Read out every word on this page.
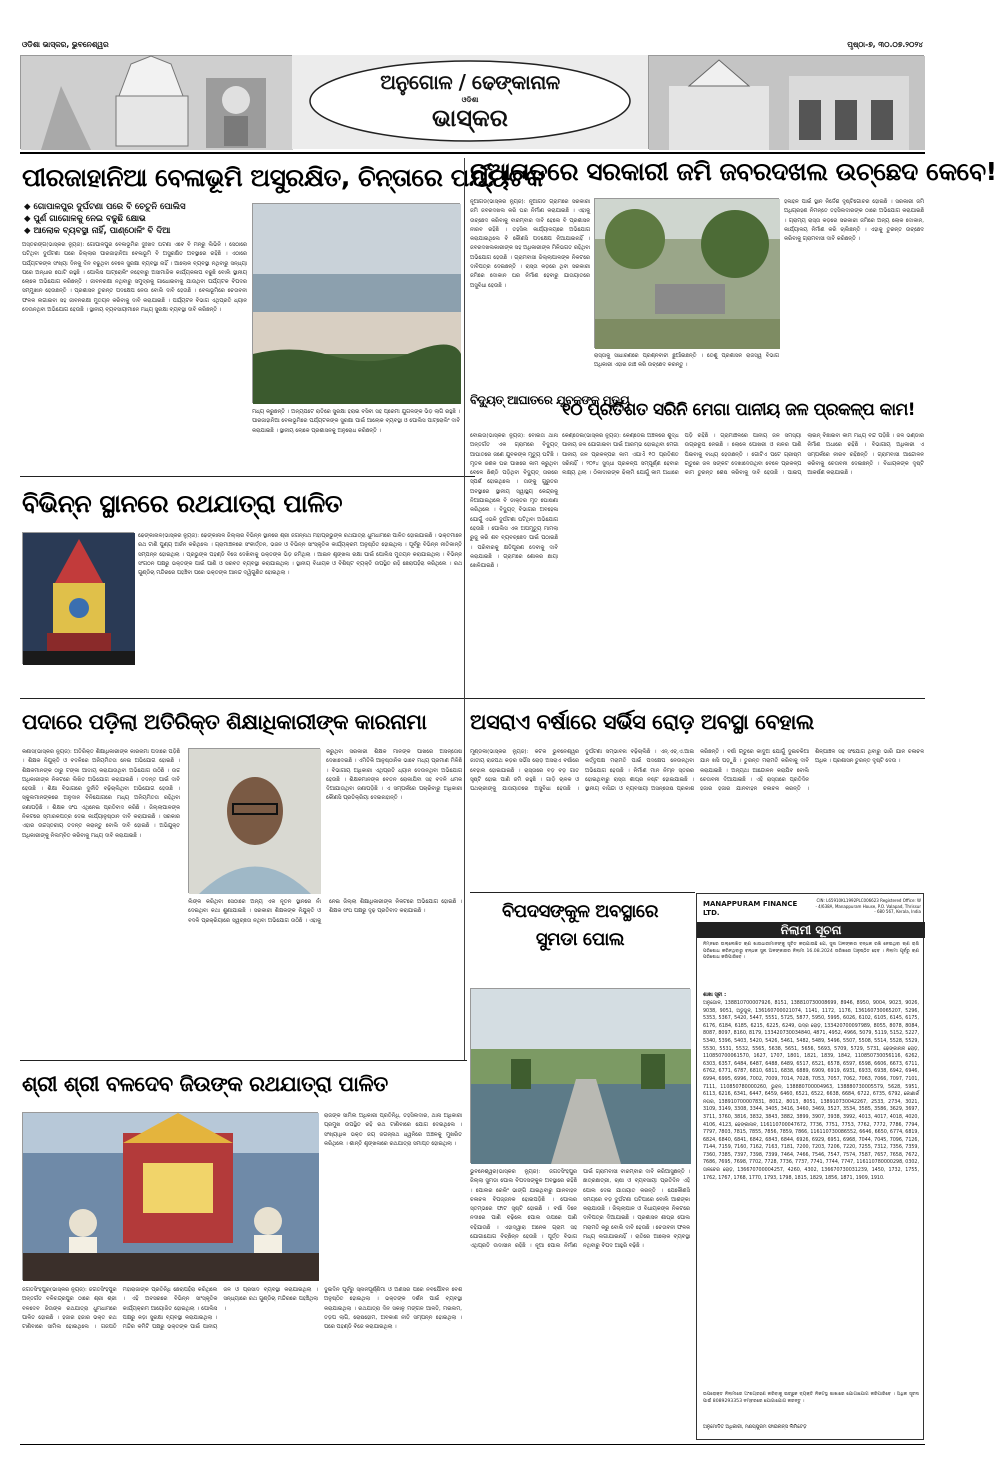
ଓଡିଶା ଭାସ୍କର, ଭୁବନେଶ୍ୱର	ପୃଷ୍ଠା-୭, ୩୦.୦୭.୨୦୨୪
ଅନୁଗୋଳ / ଢେଙ୍କାନାଳ
ଓଡିଶା
ଭାସ୍କର
ପୀରଜାହାନିଆ ବେଳାଭୂମି ଅସୁରକ୍ଷିତ, ଚିନ୍ତାରେ ପର୍ଯ୍ୟଟକ
◆ ଗୋପାଳପୁର ଦୁର୍ଘଟଣା ପରେ ବି ଚେତୁନି ପୋଲିସ
◆ ପୁର୍ଣ ଗାଗୋଳକୁ ନେଇ ବଢୁଛି କ୍ଷୋଭ
◆ ଆଲୋକ ବ୍ୟବସ୍ଥା ନାହିଁ, ପାଣ୍ଠୋଳିଂ ବି ଦିଆ
ଅସ୍ତରଙ୍ଗ(ଭାସ୍କର ନ୍ୟୁଜ): ଗୋପାଳପୁର ବେଳାଭୂମିର ଦୁଃଖଦ ଘଟଣା ଏବେ ବି ମନରୁ ଲିଭିନି । ସେଠାରେ ଘଟିଥିବା ଦୁର୍ଘଟଣା ପରେ ଜିଲ୍ଲାର ପୀରଜାହାନିଆ ବେଳାଭୂମି ବି ଅସୁରକ୍ଷିତ ଅବସ୍ଥାରେ ରହିଛି । ଏଠାରେ ପର୍ଯ୍ୟଟକଙ୍କ ସଂଖ୍ୟା ଦିନକୁ ଦିନ ବଢୁଥିବା ବେଳେ ସୁରକ୍ଷା ବ୍ୟବସ୍ଥା ନାହିଁ । ଆଲୋକ ବ୍ୟବସ୍ଥା ନଥିବାରୁ ସନ୍ଧ୍ୟା ପରେ ଅନ୍ଧାର ଘୋଟି ରହୁଛି । ପୋଲିସ ପାଟ୍ରୋଲିଂ ନହେବାରୁ ଅସାମାଜିକ କାର୍ଯ୍ୟକଳାପ ବଢୁଛି ବୋଲି ସ୍ଥାନୀୟ ଲୋକେ ଅଭିଯୋଗ କରିଛନ୍ତି । ଜୀବନରକ୍ଷୀ ନଥିବାରୁ ସମୁଦ୍ରକୁ ଗାଧୋଇବାକୁ ଯାଉଥିବା ପର୍ଯ୍ୟଟକ ବିପଦର ସମ୍ମୁଖୀନ ହେଉଛନ୍ତି । ପ୍ରଶାସନ ତୁରନ୍ତ ପଦକ୍ଷେପ ନେଉ ବୋଲି ଦାବି ହେଉଛି । ବେଳାଭୂମିରେ ଚେତାବନୀ ଫଳକ ଲଗାଇବା ସହ ଜୀବନରକ୍ଷୀ ମୁତୟନ କରିବାକୁ ଦାବି କରାଯାଇଛି । ପର୍ଯ୍ୟଟନ ବିଭାଗ ଏଥିପ୍ରତି ଧ୍ୟାନ ଦେଉନଥିବା ଅଭିଯୋଗ ହେଉଛି । ସ୍ଥାନୀୟ ବ୍ୟବସାୟୀମାନେ ମଧ୍ୟ ସୁରକ୍ଷା ବ୍ୟବସ୍ଥା ଦାବି କରିଛନ୍ତି ।
ମଧ୍ୟ କରୁଛନ୍ତି । ଅନ୍ୟପଟେ ରାତିରେ ସୁରକ୍ଷା ହରାଇ ବସିବା ସହ ପ୍ରେମୀ ଯୁଗଳଙ୍କ ଭିଡ଼ ଲାଗି ରହୁଛି । ପୀରଜାହାନିଆ ବେଳାଭୂମିରେ ପର୍ଯ୍ୟଟକଙ୍କ ସୁରକ୍ଷା ପାଇଁ ଆଲୋକ ବ୍ୟବସ୍ଥା ଓ ପୋଲିସ ପାଟ୍ରୋଲିଂ ଦାବି କରାଯାଇଛି । ସ୍ଥାନୀୟ ଲୋକେ ପ୍ରଶାସନକୁ ଅନୁରୋଧ କରିଛନ୍ତି ।
ନୂଆଗଡରେ ସରକାରୀ ଜମି ଜବରଦଖଲ ଉଚ୍ଛେଦ କେବେ!
ନୂଆଗଡ(ଭାସ୍କର ନ୍ୟୁଜ): ନୂଆଗଡ ଗ୍ରାମରେ ସରକାରୀ ଜମି ଜବରଦଖଲ କରି ଘର ନିର୍ମାଣ କରାଯାଇଛି । ଏହାକୁ ଉଚ୍ଛେଦ କରିବାକୁ ବାରମ୍ବାର ଦାବି ହେଲେ ବି ପ୍ରଶାସନ ନୀରବ ରହିଛି । ତହସିଲ କାର୍ଯ୍ୟାଳୟରେ ଅଭିଯୋଗ କରାଯାଇଥିଲେ ବି କୌଣସି ପଦକ୍ଷେପ ନିଆଯାଇନାହିଁ । ଜବରଦଖଲକାରୀଙ୍କ ସହ ଅଧିକାରୀଙ୍କ ମିଳିଭଗତ ରହିଥିବା ଅଭିଯୋଗ ହେଉଛି । ଗ୍ରାମବାସୀ ଜିଲ୍ଲାପାଳଙ୍କ ନିକଟରେ ଦାବିପତ୍ର ଦେଇଛନ୍ତି । ରାସ୍ତା କଡ଼ରେ ଥିବା ସରକାରୀ ଜମିରେ ଦୋକାନ ଘର ନିର୍ମାଣ ହେବାରୁ ଯାତାୟାତରେ ଅସୁବିଧା ହେଉଛି ।
ରାସ୍ତାକୁ ସାଧାରଣରେ ପ୍ରଶ୍ନବାଚୀ ଛୁଆଁଇଛନ୍ତି । ତେଣୁ ପ୍ରଶାସନ ରାଜସ୍ୱ ବିଭାଗ ଅଧିକାରୀ ଏହାର ଜାଞ୍ଚ କରି ଉଚ୍ଛେଦ କରନ୍ତୁ ।
ହଳାହଳ ପାଇଁ ସ୍ଥାନ ନିର୍ଦ୍ଦେଶ ଦୃଷ୍ଟିଗୋଚର ହୋଇଛି । ସରକାରୀ ଜମି ଅଧିଗ୍ରହଣ ନିମନ୍ତେ ତହସିଲଦାରଙ୍କ ଠାରେ ଅଭିଯୋଗ କରାଯାଇଛି । ଗ୍ରାମ୍ୟ ରାସ୍ତା କଡ଼ରେ ସରକାରୀ ଜମିରେ ଅନ୍ୟ ଲୋକ ଦୋକାନ, କାର୍ଯ୍ୟାଳୟ ନିର୍ମାଣ କରି ଚାଲିଛନ୍ତି । ଏହାକୁ ତୁରନ୍ତ ଉଚ୍ଛେଦ କରିବାକୁ ଗ୍ରାମବାସୀ ଦାବି କରିଛନ୍ତି ।
ବିଦ୍ୟୁତ୍ ଆଘାତରେ ଯୁବକଙ୍କ ମୃତ୍ୟୁ
ବୋଇତା(ଭାସ୍କର ନ୍ୟୁଜ): ବୋଇତା ଥାନା ଅନ୍ତର୍ଗତ ଏକ ଗ୍ରାମରେ ବିଦ୍ୟୁତ୍ ଆଘାତରେ ଜଣେ ଯୁବକଙ୍କ ମୃତ୍ୟୁ ଘଟିଛି । ମୃତକ ଜଣକ ଘର ପାଖରେ କାମ କରୁଥିବା ବେଳେ ଛିଣ୍ଡି ପଡ଼ିଥିବା ବିଦ୍ୟୁତ୍ ତାରରେ ସ୍ପର୍ଶ ହୋଇଥିଲେ । ତାଙ୍କୁ ଗୁରୁତର ଅବସ୍ଥାରେ ସ୍ଥାନୀୟ ସ୍ୱାସ୍ଥ୍ୟ କେନ୍ଦ୍ରକୁ ନିଆଯାଇଥିଲେ ବି ଡାକ୍ତର ମୃତ ଘୋଷଣା କରିଥିଲେ । ବିଦ୍ୟୁତ୍ ବିଭାଗର ଅବହେଳା ଯୋଗୁଁ ଏଭଳି ଦୁର୍ଘଟଣା ଘଟିଥିବା ଅଭିଯୋଗ ହେଉଛି । ପୋଲିସ ଏକ ଅପମୃତ୍ୟୁ ମାମଲା ରୁଜୁ କରି ଶବ ବ୍ୟବଚ୍ଛେଦ ପାଇଁ ପଠାଇଛି । ପରିବାରକୁ କ୍ଷତିପୂରଣ ଦେବାକୁ ଦାବି କରାଯାଇଛି । ଗ୍ରାମରେ ଶୋକର ଛାୟା ଖେଳିଯାଇଛି ।
୧୦ ପ୍ରତିଶତ ସରିନି ମେଗା ପାନୀୟ ଜଳ ପ୍ରକଳ୍ପ କାମ!
କେଣ୍ଡେଇ(ଭାସ୍କର ନ୍ୟୁଜ): କେଣ୍ଡେଇ ଅଞ୍ଚଳରେ ଶୁଦ୍ଧ ପାନୀୟ ଜଳ ଯୋଗାଇବା ପାଇଁ ଆରମ୍ଭ ହୋଇଥିବା ମେଗା ପାନୀୟ ଜଳ ପ୍ରକଳ୍ପର କାମ ଏଯାଏଁ ୧୦ ପ୍ରତିଶତ ସରିନାହିଁ । ୨୦୨୪ ସୁଦ୍ଧା ପ୍ରକଳ୍ପ ସମ୍ପୂର୍ଣ୍ଣ ହେବାର ଲକ୍ଷ୍ୟ ଥିଲା । ଠିକାଦାରଙ୍କ ଢିଲାମି ଯୋଗୁଁ କାମ ଅଧାରେ ପଡ଼ି ରହିଛି । ଗ୍ରାମାଞ୍ଚଳରେ ପାନୀୟ ଜଳ ସମସ୍ୟା ଉଗ୍ରରୂପ ନେଇଛି । ଲୋକେ ପୋଖରୀ ଓ ନାଳର ପାଣି ପିଇବାକୁ ବାଧ୍ୟ ହେଉଛନ୍ତି । ଗୋଟିଏ ପଟେ ଗ୍ରୀଷ୍ମ ଋତୁରେ ଜଳ ସଙ୍କଟ ଦେଖାଦେଉଥିବା ବେଳେ ପ୍ରକଳ୍ପ କାମ ତୁରନ୍ତ ଶେଷ କରିବାକୁ ଦାବି ହେଉଛି । ପାଇପ୍ ଲାଇନ୍ ବିଛାଇବା କାମ ମଧ୍ୟ ବନ୍ଦ ପଡ଼ିଛି । ଜଳ ଭଣ୍ଡାର ନିର୍ମାଣ ଅଧାରେ ରହିଛି । ବିଭାଗୀୟ ଅଧିକାରୀ ଏ ସମ୍ପର୍କରେ ନୀରବ ରହିଛନ୍ତି । ଗ୍ରାମବାସୀ ଆନ୍ଦୋଳନ କରିବାକୁ ଚେତାବନୀ ଦେଇଛନ୍ତି । ବିଧାୟକଙ୍କ ଦୃଷ୍ଟି ଆକର୍ଷଣ କରାଯାଇଛି ।
ବିଭିନ୍ନ ସ୍ଥାନରେ ରଥଯାତ୍ରା ପାଳିତ
ଢେଙ୍କାନାଳ(ଭାସ୍କର ନ୍ୟୁଜ): ଢେଙ୍କାନାଳ ଜିଲ୍ଲାର ବିଭିନ୍ନ ସ୍ଥାନରେ ଶ୍ରୀ ଜଗନ୍ନାଥ ମହାପ୍ରଭୁଙ୍କ ରଥଯାତ୍ରା ଧୁମଧାମରେ ପାଳିତ ହୋଇଯାଇଛି । ଭକ୍ତମାନେ ରଥ ଟାଣି ପୁଣ୍ୟ ଅର୍ଜନ କରିଥିଲେ । ଗ୍ରାମାଞ୍ଚଳରେ ସଂକୀର୍ତ୍ତନ, ଭଜନ ଓ ବିଭିନ୍ନ ସାଂସ୍କୃତିକ କାର୍ଯ୍ୟକ୍ରମ ଅନୁଷ୍ଠିତ ହୋଇଥିଲା । ପୂର୍ବରୁ ବିଭିନ୍ନ ନୀତିକାନ୍ତି ସମ୍ପନ୍ନ ହୋଇଥିଲା । ପ୍ରଭୁଙ୍କ ପହଣ୍ଡି ବିଜେ ଦେଖିବାକୁ ଭକ୍ତଙ୍କ ଭିଡ଼ ଜମିଥିଲା । ଆଇନ ଶୃଙ୍ଖଳା ରକ୍ଷା ପାଇଁ ପୋଲିସ ମୁତୟନ କରାଯାଇଥିଲା । ବିଭିନ୍ନ ସଂଗଠନ ପକ୍ଷରୁ ଭକ୍ତଙ୍କ ପାଇଁ ପାଣି ଓ ସରବତ ବ୍ୟବସ୍ଥା କରାଯାଇଥିଲା । ସ୍ଥାନୀୟ ବିଧାୟକ ଓ ବିଶିଷ୍ଟ ବ୍ୟକ୍ତି ଉପସ୍ଥିତ ରହି ଛେରାପହଁରା କରିଥିଲେ । ରଥ ଗୁଣ୍ଡିଚା ମନ୍ଦିରରେ ପହଞ୍ଚିବା ପରେ ଭକ୍ତଙ୍କ ଆନନ୍ଦ ଦ୍ୱିଗୁଣିତ ହୋଇଥିଲା ।
ପଦାରେ ପଡ଼ିଲା ଅତିରିକ୍ତ ଶିକ୍ଷାଧିକାରୀଙ୍କ କାରନାମା
କଣାସ(ଭାସ୍କର ନ୍ୟୁଜ): ଅତିରିକ୍ତ ଶିକ୍ଷାଧିକାରୀଙ୍କ କାରନାମା ପଦାରେ ପଡ଼ିଛି । ଶିକ୍ଷକ ନିଯୁକ୍ତି ଓ ବଦଳିରେ ଅନିୟମିତତା ନେଇ ଅଭିଯୋଗ ହୋଇଛି । ଶିକ୍ଷକମାନଙ୍କ ଠାରୁ ଟଙ୍କା ଆଦାୟ କରାଯାଉଥିବା ଅଭିଯୋଗ ଉଠିଛି । ଉଚ୍ଚ ଅଧିକାରୀଙ୍କ ନିକଟରେ ଲିଖିତ ଅଭିଯୋଗ କରାଯାଇଛି । ତଦନ୍ତ ପାଇଁ ଦାବି ହେଉଛି । ଶିକ୍ଷା ବିଭାଗରେ ଦୁର୍ନୀତି ବଢ଼ିଚାଲିଥିବା ଅଭିଯୋଗ ହେଉଛି । ସ୍କୁଲମାନଙ୍କରେ ଅନୁଦାନ ବିନିଯୋଗରେ ମଧ୍ୟ ଅନିୟମିତତା ରହିଥିବା ଜଣାପଡ଼ିଛି । ଶିକ୍ଷକ ସଂଘ ଏଥିନେଇ ପ୍ରତିବାଦ କରିଛି । ଜିଲ୍ଲାପାଳଙ୍କ ନିକଟରେ ସ୍ମାରକପତ୍ର ଦେଇ କାର୍ଯ୍ୟାନୁଷ୍ଠାନ ଦାବି କରାଯାଇଛି । ସରକାର ଏହାର ଉଚ୍ଚସ୍ତରୀୟ ତଦନ୍ତ କରାନ୍ତୁ ବୋଲି ଦାବି ହୋଇଛି । ଅଭିଯୁକ୍ତ ଅଧିକାରୀଙ୍କୁ ନିଲମ୍ବିତ କରିବାକୁ ମଧ୍ୟ ଦାବି କରାଯାଇଛି ।
କରୁଥିବା ସରକାରୀ ଶିକ୍ଷକ ମାନଙ୍କ ପାଖରେ ଅସନ୍ତୋଷ ଦେଖାଦେଇଛି । ଏମିତିକି ଆନୁଷ୍ଠାନିକ ଭାବେ ମଧ୍ୟ ପ୍ରମାଣ ମିଳିଛି । ବିଭାଗୀୟ ଅଧିକାରୀ ଏଥିପ୍ରତି ଧ୍ୟାନ ଦେଉନଥିବା ଅଭିଯୋଗ ହେଉଛି । ଶିକ୍ଷକମାନଙ୍କ ବେତନ ରୋକାଯିବା ସହ ବଦଳି ଧମକ ଦିଆଯାଉଥିବା ଜଣାପଡ଼ିଛି । ଏ ସମ୍ପର୍କରେ ପଚାରିବାରୁ ଅଧିକାରୀ କୌଣସି ପ୍ରତିକ୍ରିୟା ଦେଇନାହାନ୍ତି ।
ଲିଙ୍କ କରିଥିବା ସେଠାରେ ଅନ୍ୟ ଏକ ନୂତନ ସ୍ଥାନରେ ନାଁ ଦେଇଥିବା କଥା ଶୁଣାଯାଇଛି । ସରକାରୀ ଶିକ୍ଷକଙ୍କ ନିଯୁକ୍ତି ଓ ବଦଳି ପ୍ରକ୍ରିୟାରେ ସ୍ୱଚ୍ଛତା ନଥିବା ଅଭିଯୋଗ ଉଠିଛି । ଏହାକୁ ନେଇ ଜିଲ୍ଲା ଶିକ୍ଷାଧିକାରୀଙ୍କ ନିକଟରେ ଅଭିଯୋଗ ହୋଇଛି । ଶିକ୍ଷକ ସଂଘ ପକ୍ଷରୁ ଦୃଢ଼ ପ୍ରତିବାଦ କରାଯାଇଛି ।
ଅସରାଏ ବର୍ଷାରେ ସର୍ଭିସ ରୋଡ଼ ଅବସ୍ଥା ବେହାଲ
ମୂଣ୍ଡଳୀ(ଭାସ୍କର ନ୍ୟୁଜ): କଟକ ଭୁବନେଶ୍ୱର ଜାତୀୟ ରାଜପଥ କଡ଼ର ସର୍ଭିସ ରୋଡ଼ ଅସରାଏ ବର୍ଷାରେ ବେହାଲ ହୋଇଯାଇଛି । ରାସ୍ତାରେ ବଡ଼ ବଡ଼ ଗାତ ସୃଷ୍ଟି ହୋଇ ପାଣି ଜମି ରହୁଛି । ଗାଡ଼ି ଚାଳକ ଓ ପଥଚାରୀଙ୍କୁ ଯାତାୟାତରେ ଅସୁବିଧା ହେଉଛି । ଦୁର୍ଘଟଣା ସମ୍ଭାବନା ବଢ଼ିଚାଲିଛି । ଏନ୍.ଏଚ୍.ଏ.ଆଇ କର୍ତ୍ତୃପକ୍ଷ ମରାମତି ପାଇଁ ପଦକ୍ଷେପ ନେଉନଥିବା ଅଭିଯୋଗ ହେଉଛି । ନିର୍ମାଣ ମାନ ନିମ୍ନ ସ୍ତରର ହୋଇଥିବାରୁ ରାସ୍ତା ଶୀଘ୍ର ନଷ୍ଟ ହୋଇଯାଇଛି । ସ୍ଥାନୀୟ ବାସିନ୍ଦା ଓ ବ୍ୟବସାୟୀ ଅସନ୍ତୋଷ ପ୍ରକାଶ କରିଛନ୍ତି । ବର୍ଷା ଋତୁରେ କାଦୁଅ ଯୋଗୁଁ ଦୁଇଚକିଆ ଯାନ ଖସି ପଡ଼ୁଛି । ତୁରନ୍ତ ମରାମତି କରିବାକୁ ଦାବି କରାଯାଇଛି । ଅନ୍ୟଥା ଆନ୍ଦୋଳନ କରାଯିବ ବୋଲି ଚେତାବନୀ ଦିଆଯାଇଛି । ଏହି ରାସ୍ତାରେ ପ୍ରତିଦିନ ହଜାର ହଜାର ଯାନବାହନ ଚଳାଚଳ କରନ୍ତି । ଶିଳ୍ପାଞ୍ଚଳ ସହ ସଂଯୋଗ ଥିବାରୁ ଭାରି ଯାନ ଚଳାଚଳ ଅଧିକ । ପ୍ରଶାସନ ତୁରନ୍ତ ଦୃଷ୍ଟି ଦେଉ ।
ବିପଦସଙ୍କୁଳ ଅବସ୍ଥାରେ
ସୁମଡା ପୋଲ
ଭୁବନେଶ୍ୱର(ଭାସ୍କର ନ୍ୟୁଜ): ଜଗତସିଂହପୁର ଜିଲ୍ଲା ସୁମଡା ପୋଲ ବିପଦସଙ୍କୁଳ ଅବସ୍ଥାରେ ରହିଛି । ପୋଲର ରେଲିଂ ଭାଙ୍ଗି ଯାଇଥିବାରୁ ଯାନବାହନ ଚଳାଚଳ ବିପଜ୍ଜନକ ହୋଇପଡ଼ିଛି । ପୋଲର ସ୍ତମ୍ଭରେ ଫାଟ ସୃଷ୍ଟି ହୋଇଛି । ବର୍ଷା ଦିନେ ନଦୀରେ ପାଣି ବଢ଼ିଲେ ପୋଲ ଉପରେ ପାଣି ବହିଯାଉଛି । ଏହାଦ୍ୱାରା ଅନେକ ଗ୍ରାମ ସହ ଯୋଗାଯୋଗ ବିଚ୍ଛିନ୍ନ ହେଉଛି । ପୂର୍ତ୍ତ ବିଭାଗ ଏଥିପ୍ରତି ଉଦାସୀନ ରହିଛି । ନୂଆ ପୋଲ ନିର୍ମାଣ ପାଇଁ ଗ୍ରାମବାସୀ ବାରମ୍ବାର ଦାବି କରିଆସୁଛନ୍ତି । ଛାତ୍ରଛାତ୍ରୀ, ଚାଷୀ ଓ ବ୍ୟବସାୟୀ ପ୍ରତିଦିନ ଏହି ପୋଲ ଦେଇ ଯାତାୟାତ କରନ୍ତି । ଯେକୌଣସି ସମୟରେ ବଡ଼ ଦୁର୍ଘଟଣା ଘଟିପାରେ ବୋଲି ଆଶଙ୍କା କରାଯାଉଛି । ଜିଲ୍ଲାପାଳ ଓ ବିଧାୟକଙ୍କ ନିକଟରେ ଦାବିପତ୍ର ଦିଆଯାଇଛି । ପ୍ରଶାସନ ଶୀଘ୍ର ପୋଲ ମରାମତି କରୁ ବୋଲି ଦାବି ହେଉଛି । ଚେତାବନୀ ଫଳକ ମଧ୍ୟ ଲଗାଯାଇନାହିଁ । ରାତିରେ ଆଲୋକ ବ୍ୟବସ୍ଥା ନଥିବାରୁ ବିପଦ ଆହୁରି ବଢ଼ିଛି ।
MANAPPURAM FINANCE LTD.
CIN: L65910KL1992PLC006623 Registered Office: W - 4/638A, Manappuram House, P.O. Valapad, Thrissur - 680 567, Kerala, India
ନିଲାମୀ ସୂଚନା
ନିମ୍ନରେ ଉଲ୍ଲେଖିତ ଋଣ ଖାତାଧାରୀମାନଙ୍କୁ ସୂଚିତ କରାଯାଉଛି ଯେ, ସୁନା ଅଳଙ୍କାର ବନ୍ଧକ ରଖି ନେଇଥିବା ଋଣ ରାଶି ପରିଶୋଧ କରିନଥିବାରୁ ବନ୍ଧକ ସୁନା ଅଳଙ୍କାରର ନିଲାମୀ 16.08.2024 ତାରିଖରେ ଅନୁଷ୍ଠିତ ହେବ । ନିଲାମୀ ପୂର୍ବରୁ ଋଣ ପରିଶୋଧ କରିପାରିବେ ।
ଶାଖା ସୂଚୀ :
ଅନୁଗୋଳ, 138810700007926, 8151, 138810730008699, 8946, 8950, 9004, 9023, 9026, 9038, 9051, ଅଡୁଗୁଳ, 136160700021074, 1141, 1172, 1176, 136160730065207, 5296, 5353, 5367, 5420, 5447, 5551, 5725, 5877, 5950, 5995, 6026, 6102, 6105, 6145, 6175, 6176, 6184, 6185, 6215, 6225, 6249, ଭଦ୍ର ରୋଡ଼, 133420700097989, 8055, 8078, 8084, 8087, 8097, 8160, 8179, 133420730034840, 4871, 4952, 4966, 5079, 5119, 5152, 5227, 5340, 5396, 5403, 5420, 5426, 5461, 5482, 5489, 5496, 5507, 5508, 5514, 5528, 5529, 5530, 5531, 5532, 5565, 5638, 5651, 5656, 5693, 5709, 5729, 5731, ଢେଙ୍କାନାଳ ରୋଡ଼, 110850700061570, 1627, 1707, 1801, 1821, 1839, 1842, 110850730056116, 6262, 6303, 6357, 6484, 6487, 6488, 6489, 6517, 6521, 6578, 6597, 6598, 6606, 6673, 6711, 6762, 6771, 6787, 6810, 6811, 6838, 6889, 6909, 6919, 6931, 6933, 6938, 6942, 6946, 6994, 6995, 6996, 7002, 7009, 7014, 7028, 7053, 7057, 7062, 7063, 7066, 7097, 7101, 7111, 110850780000260, ଭୁବନ, 138880700004963, 138880730005579, 5628, 5951, 6113, 6216, 6341, 6447, 6459, 6460, 6521, 6522, 6638, 6684, 6722, 6735, 6792, କୋଣାର୍କ ନଗର, 138910700007831, 8012, 8013, 8051, 138910730042267, 2533, 2734, 3021, 3109, 3149, 3308, 3344, 3405, 3416, 3460, 3469, 3527, 3534, 3585, 3586, 3629, 3697, 3711, 3760, 3816, 3832, 3843, 3882, 3899, 3907, 3938, 3992, 4013, 4017, 4018, 4020, 4106, 4123, ଢେଙ୍କାନାଳ, 116110700047672, 7736, 7751, 7753, 7762, 7772, 7786, 7794, 7797, 7803, 7815, 7855, 7856, 7859, 7866, 116110730086552, 6646, 6650, 6774, 6819, 6824, 6840, 6841, 6842, 6843, 6844, 6926, 6929, 6951, 6968, 7044, 7045, 7096, 7126, 7144, 7159, 7160, 7162, 7163, 7181, 7200, 7203, 7206, 7220, 7255, 7312, 7356, 7359, 7360, 7385, 7397, 7398, 7399, 7464, 7466, 7546, 7547, 7574, 7587, 7657, 7658, 7672, 7686, 7695, 7698, 7702, 7728, 7736, 7737, 7741, 7744, 7747, 116110780000298, 0302, ତାଳଚେର ରୋଡ଼, 136670700004257, 4260, 4302, 136670730031239, 1450, 1732, 1755, 1762, 1767, 1768, 1770, 1793, 1798, 1815, 1829, 1856, 1871, 1909, 1910.
ଉପରୋକ୍ତ ନିଲାମୀରେ ଅଂଶଗ୍ରହଣ କରିବାକୁ ଇଚ୍ଛୁକ ବ୍ୟକ୍ତି ନିକଟସ୍ଥ ଶାଖାରେ ଯୋଗାଯୋଗ କରିପାରିବେ । ଅଧିକ ସୂଚନା ପାଇଁ 8089293353 ନମ୍ବରରେ ଯୋଗାଯୋଗ କରନ୍ତୁ ।
ଅନୁମୋଦିତ ଅଧିକାରୀ, ମଣପ୍ପୁରମ ଫାଇନାନ୍ସ ଲିମିଟେଡ଼
ଶ୍ରୀ ଶ୍ରୀ ବଳଦେବ ଜିଉଙ୍କ ରଥଯାତ୍ରା ପାଳିତ
ରାଜଙ୍କ ସାମିଲ ଅଧିକାରୀ ପ୍ରତିନିଧି, ତହସିଲଦାର, ଥାନା ଅଧିକାରୀ ପ୍ରମୁଖ ଉପସ୍ଥିତ ରହି ରଥ ଟାଣିବାରେ ଯୋଗ ଦେଇଥିଲେ । ସଂଖ୍ୟାଧିକ ଭକ୍ତ ଜୟ ଜଗନ୍ନାଥ ଧ୍ୱନିରେ ଅଞ୍ଚଳକୁ ମୁଖରିତ କରିଥିଲେ । ଶାନ୍ତି ଶୃଙ୍ଖଳାରେ ରଥଯାତ୍ରା ସମାପ୍ତ ହୋଇଥିଲା ।
ଜଗତସିଂହପୁର(ଭାସ୍କର ନ୍ୟୁଜ): ଜଗତସିଂହପୁର ଅନ୍ତର୍ଗତ ବଳିଚନ୍ଦ୍ରପୁର ଠାରେ ଶ୍ରୀ ଶ୍ରୀ ବଳଦେବ ଜିଉଙ୍କ ରଥଯାତ୍ରା ଧୁମଧାମରେ ପାଳିତ ହୋଇଛି । ହଜାର ହଜାର ଭକ୍ତ ରଥ ଟାଣିବାରେ ସାମିଲ ହୋଇଥିଲେ । ଗଜପତି ମହାରାଜାଙ୍କ ପ୍ରତିନିଧି ଛେରାପହଁରା କରିଥିଲେ । ଏହି ଅବସରରେ ବିଭିନ୍ନ ସାଂସ୍କୃତିକ କାର୍ଯ୍ୟକ୍ରମ ଆୟୋଜିତ ହୋଇଥିଲା । ପୋଲିସ ପକ୍ଷରୁ କଡ଼ା ସୁରକ୍ଷା ବ୍ୟବସ୍ଥା କରାଯାଇଥିଲା । ମନ୍ଦିର କମିଟି ପକ୍ଷରୁ ଭକ୍ତଙ୍କ ପାଇଁ ପାନୀୟ ଜଳ ଓ ପ୍ରସାଦ ବ୍ୟବସ୍ଥା କରାଯାଇଥିଲା । ସନ୍ଧ୍ୟାରେ ରଥ ଗୁଣ୍ଡିଚା ମନ୍ଦିରରେ ପହଞ୍ଚିଥିଲା ।
ଦୁଇଦିନ ପୂର୍ବରୁ ସ୍ନାନପୂର୍ଣ୍ଣିମା ଓ ଅଣସର ପରେ ନବଯୌବନ ବେଶ ଅନୁଷ୍ଠିତ ହୋଇଥିଲା । ଭକ୍ତଙ୍କ ଦର୍ଶନ ପାଇଁ ବ୍ୟବସ୍ଥା କରାଯାଇଥିଲା । ରଥଯାତ୍ରା ଦିନ ସକାଳୁ ମଙ୍ଗଳ ଆଳତି, ମଇଲମ, ତଡ଼ପ ଲାଗି, ରୋଷହୋମ, ଅବକାଶ ନୀତି ସମ୍ପନ୍ନ ହୋଇଥିଲା । ପରେ ପହଣ୍ଡି ବିଜେ କରାଯାଇଥିଲା ।
